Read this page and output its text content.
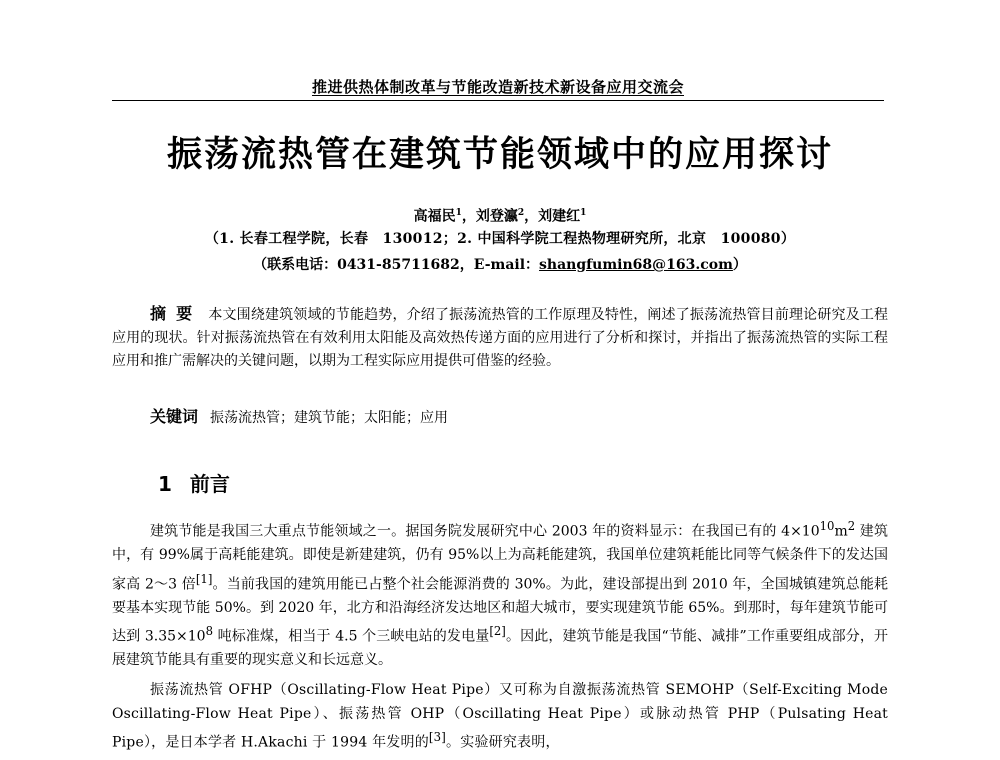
推进供热体制改革与节能改造新技术新设备应用交流会
振荡流热管在建筑节能领域中的应用探讨
高福民$^1$，刘登瀛$^2$，刘建红$^1$
（1. 长春工程学院，长春　130012；2. 中国科学院工程热物理研究所，北京　100080）
（联系电话：0431-85711682，E-mail：shangfumin68@163.com）
摘要 本文围绕建筑领域的节能趋势，介绍了振荡流热管的工作原理及特性，阐述了振荡流热管目前理论研究及工程应用的现状。针对振荡流热管在有效利用太阳能及高效热传递方面的应用进行了分析和探讨，并指出了振荡流热管的实际工程应用和推广需解决的关键问题，以期为工程实际应用提供可借鉴的经验。
关键词 振荡流热管；建筑节能；太阳能；应用
1 前言
建筑节能是我国三大重点节能领域之一。据国务院发展研究中心 2003 年的资料显示：在我国已有的 $4\times 10^{10}m^2$ 建筑中，有 99%属于高耗能建筑。即使是新建建筑，仍有 95%以上为高耗能建筑，我国单位建筑耗能比同等气候条件下的发达国家高 2～3 倍[1]。当前我国的建筑用能已占整个社会能源消费的 30%。为此，建设部提出到 2010 年，全国城镇建筑总能耗要基本实现节能 50%。到 2020 年，北方和沿海经济发达地区和超大城市，要实现建筑节能 65%。到那时，每年建筑节能可达到 $3.35\times 10^8$ 吨标准煤，相当于 4.5 个三峡电站的发电量[2]。因此，建筑节能是我国“节能、减排”工作重要组成部分，开展建筑节能具有重要的现实意义和长远意义。
振荡流热管 OFHP（Oscillating-Flow Heat Pipe）又可称为自激振荡流热管 SEMOHP（Self-Exciting Mode Oscillating-Flow Heat Pipe）、振荡热管 OHP（Oscillating Heat Pipe）或脉动热管 PHP（Pulsating Heat Pipe），是日本学者 H.Akachi 于 1994 年发明的[3]。实验研究表明，
